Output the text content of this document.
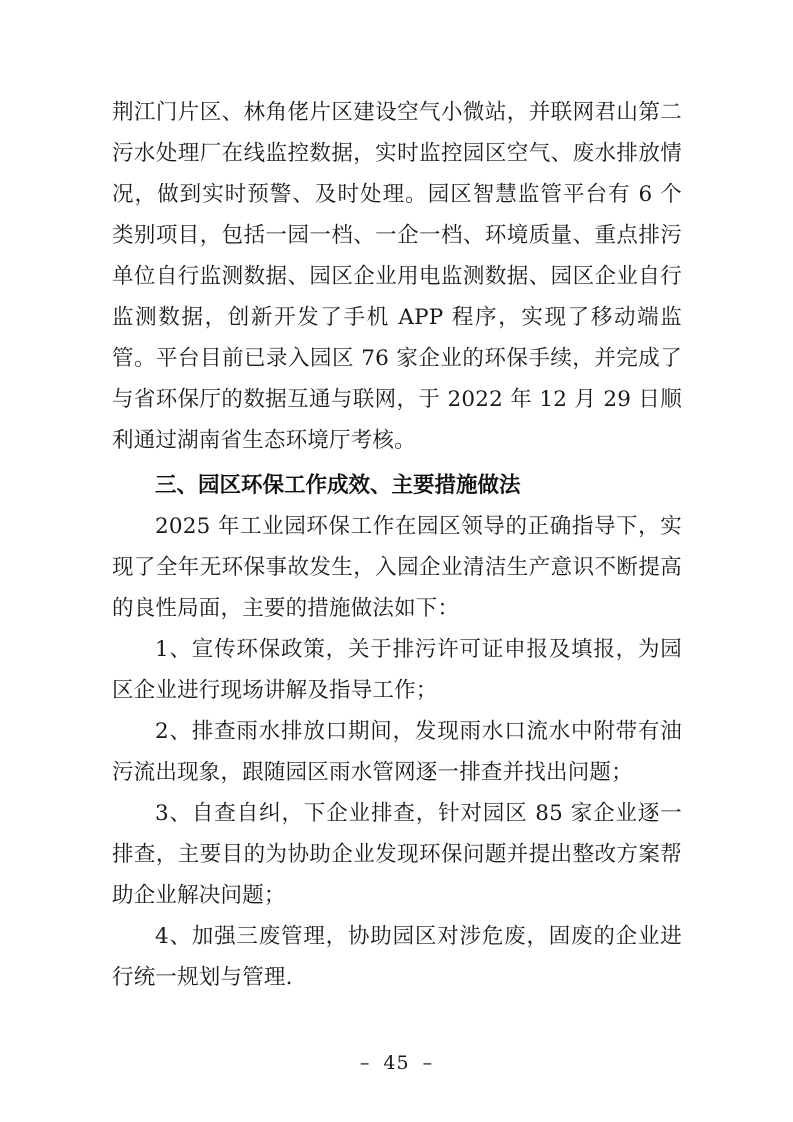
荆江门片区、林角佬片区建设空气小微站，并联网君山第二污水处理厂在线监控数据，实时监控园区空气、废水排放情况，做到实时预警、及时处理。园区智慧监管平台有 6 个类别项目，包括一园一档、一企一档、环境质量、重点排污单位自行监测数据、园区企业用电监测数据、园区企业自行监测数据，创新开发了手机 APP 程序，实现了移动端监管。平台目前已录入园区 76 家企业的环保手续，并完成了与省环保厅的数据互通与联网，于 2022 年 12 月 29 日顺利通过湖南省生态环境厅考核。

三、园区环保工作成效、主要措施做法

2025 年工业园环保工作在园区领导的正确指导下，实现了全年无环保事故发生，入园企业清洁生产意识不断提高的良性局面，主要的措施做法如下：

1、宣传环保政策，关于排污许可证申报及填报，为园区企业进行现场讲解及指导工作；

2、排查雨水排放口期间，发现雨水口流水中附带有油污流出现象，跟随园区雨水管网逐一排查并找出问题；

3、自查自纠，下企业排查，针对园区 85 家企业逐一排查，主要目的为协助企业发现环保问题并提出整改方案帮助企业解决问题；

4、加强三废管理，协助园区对涉危废，固废的企业进行统一规划与管理.

– 45 –
